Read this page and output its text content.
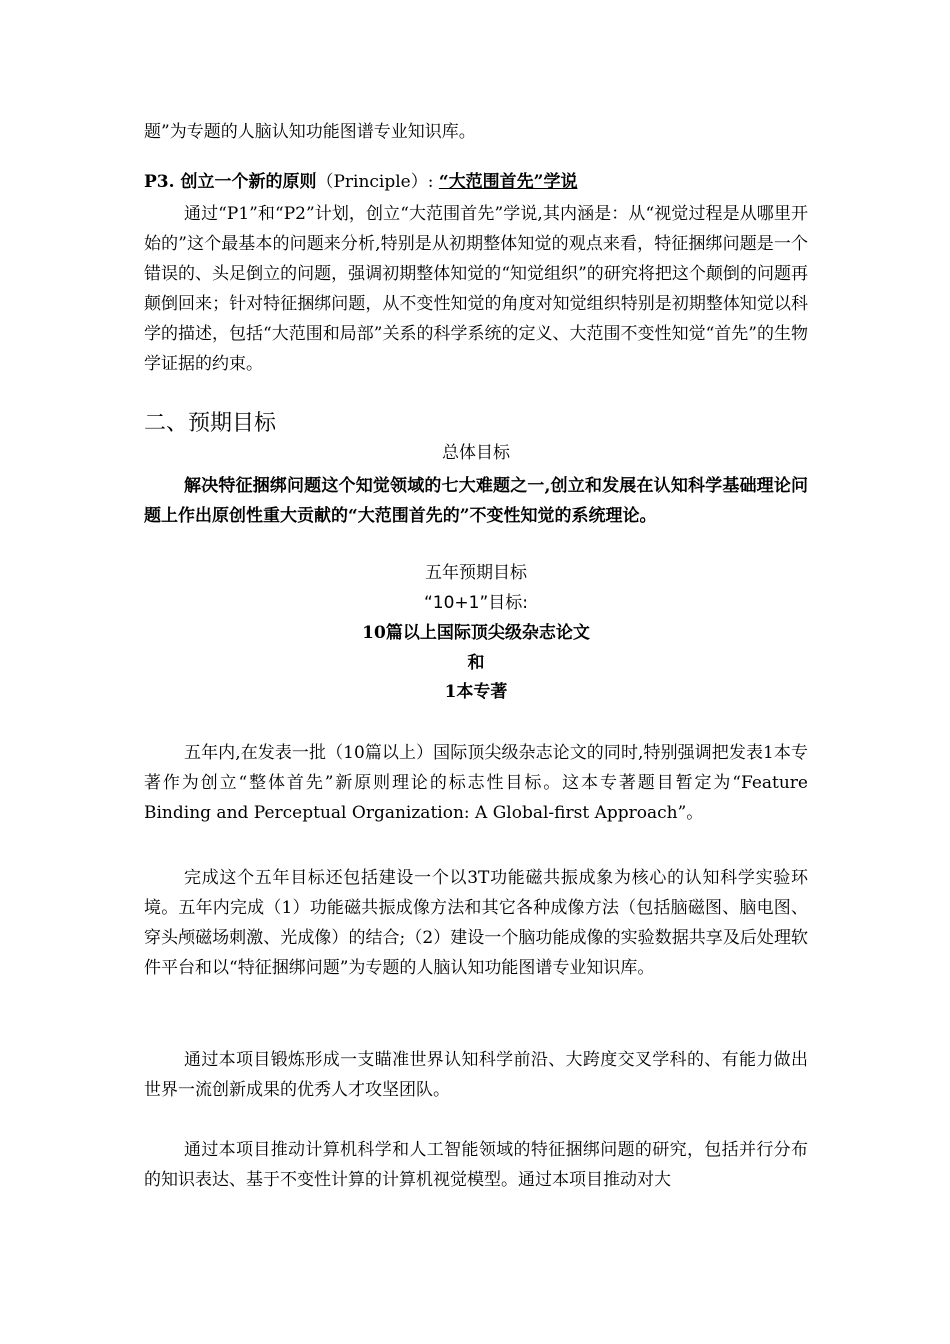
题”为专题的人脑认知功能图谱专业知识库。
P3. 创立一个新的原则（Principle）: “大范围首先”学说
通过“P1”和“P2”计划，创立“大范围首先”学说,其内涵是：从“视觉过程是从哪里开始的”这个最基本的问题来分析,特别是从初期整体知觉的观点来看，特征捆绑问题是一个错误的、头足倒立的问题，强调初期整体知觉的“知觉组织”的研究将把这个颠倒的问题再颠倒回来；针对特征捆绑问题，从不变性知觉的角度对知觉组织特别是初期整体知觉以科学的描述，包括“大范围和局部”关系的科学系统的定义、大范围不变性知觉“首先”的生物学证据的约束。
二、预期目标
总体目标
解决特征捆绑问题这个知觉领域的七大难题之一,创立和发展在认知科学基础理论问题上作出原创性重大贡献的“大范围首先的”不变性知觉的系统理论。
五年预期目标
“10+1”目标:
10篇以上国际顶尖级杂志论文
和
1本专著
五年内,在发表一批（10篇以上）国际顶尖级杂志论文的同时,特别强调把发表1本专著作为创立“整体首先”新原则理论的标志性目标。这本专著题目暂定为“Feature Binding and Perceptual Organization: A Global-first Approach”。
完成这个五年目标还包括建设一个以3T功能磁共振成象为核心的认知科学实验环境。五年内完成（1）功能磁共振成像方法和其它各种成像方法（包括脑磁图、脑电图、穿头颅磁场刺激、光成像）的结合;（2）建设一个脑功能成像的实验数据共享及后处理软件平台和以“特征捆绑问题”为专题的人脑认知功能图谱专业知识库。
通过本项目锻炼形成一支瞄准世界认知科学前沿、大跨度交叉学科的、有能力做出世界一流创新成果的优秀人才攻坚团队。
通过本项目推动计算机科学和人工智能领域的特征捆绑问题的研究，包括并行分布的知识表达、基于不变性计算的计算机视觉模型。通过本项目推动对大
